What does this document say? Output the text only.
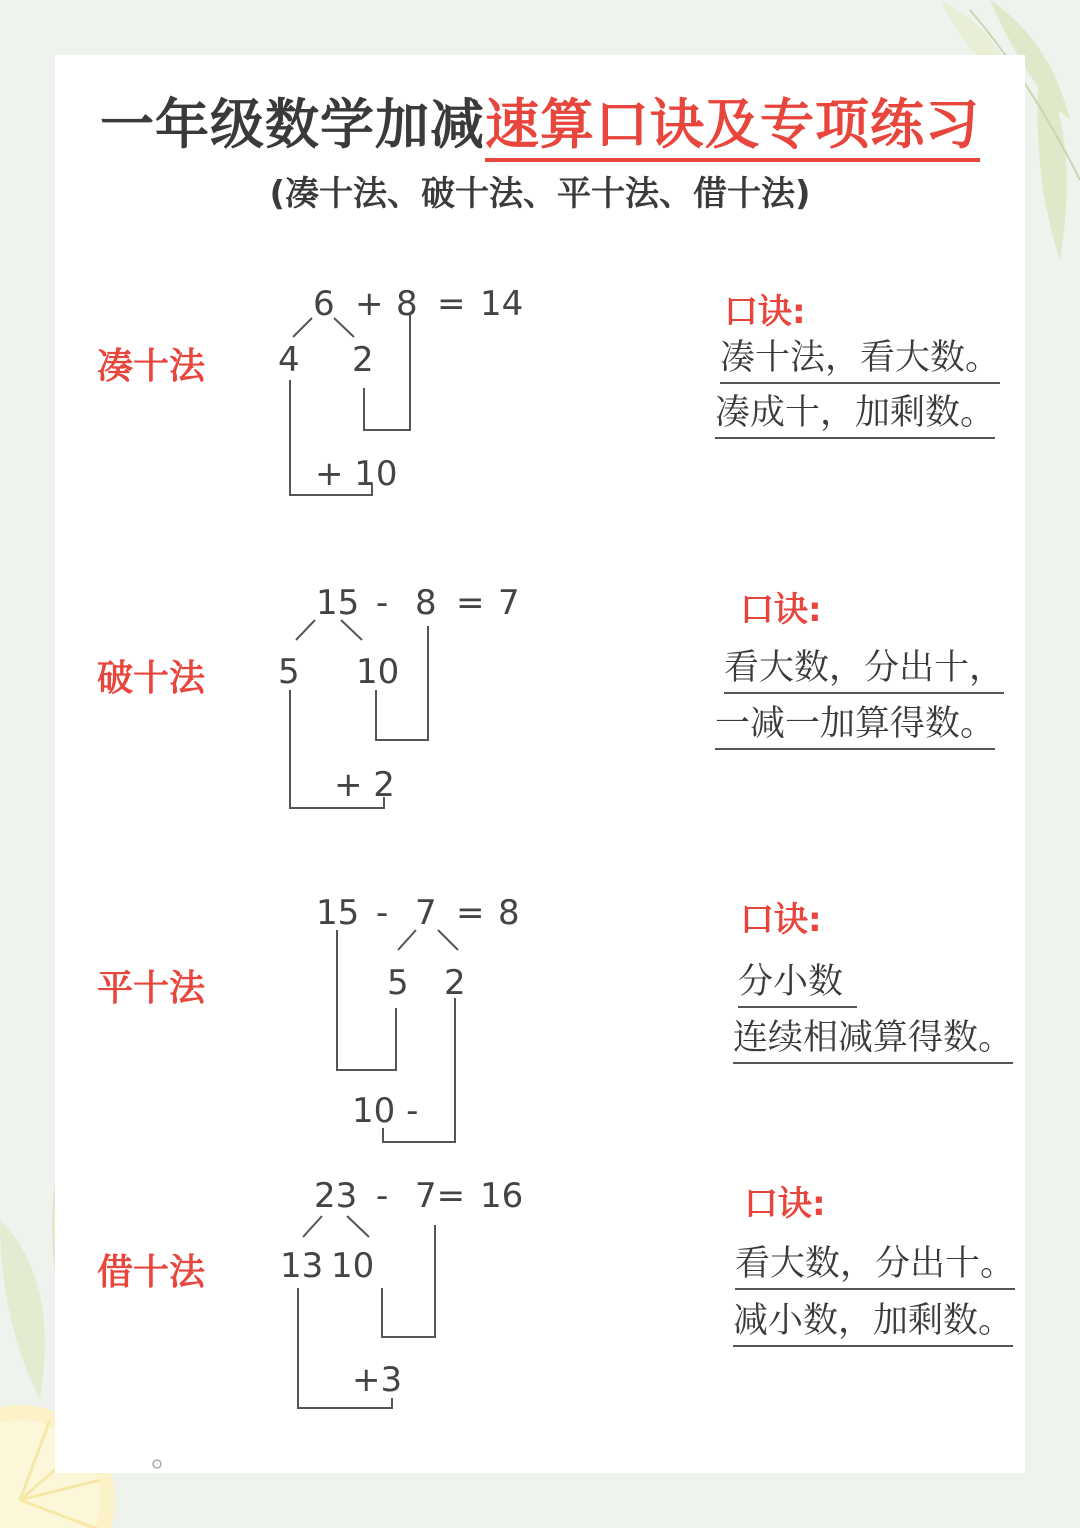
一年级数学加减速算口诀及专项练习
(凑十法、破十法、平十法、借十法)
凑十法
6 + 8 = 14
4 2
+ 10
口诀:
凑十法，看大数。
凑成十，加剩数。
破十法
15 - 8 = 7
5 10
+ 2
口诀:
看大数，分出十，
一减一加算得数。
平十法
15 - 7 = 8
5 2
10 -
口诀:
分小数
连续相减算得数。
借十法
23 - 7= 16
13 10
+3
口诀:
看大数，分出十。
减小数，加剩数。
